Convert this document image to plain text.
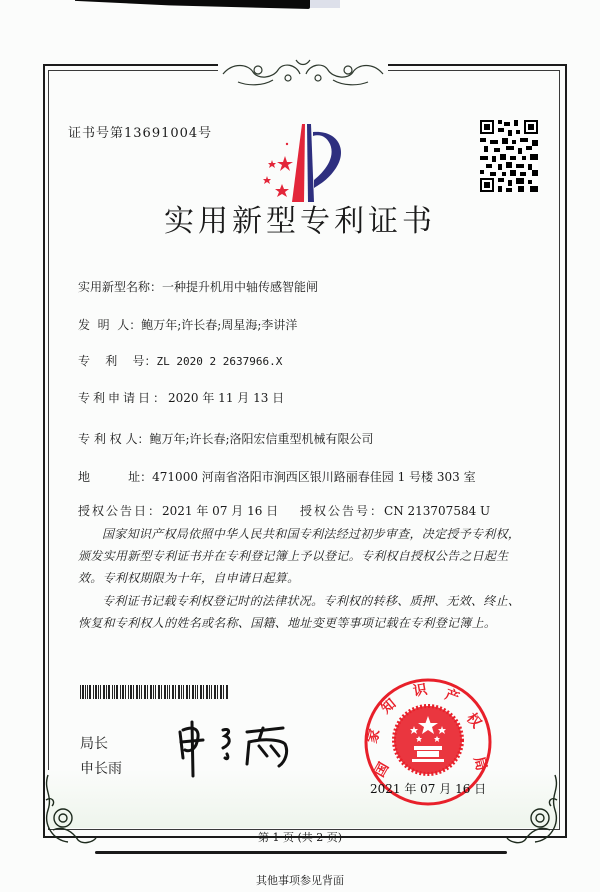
证书号第13691004号
实用新型专利证书
实用新型名称：一种提升机用中轴传感智能闸
发  明  人：鲍万年;许长春;周星海;李讲洋
专    利    号：ZL 2020 2 2637966.X
专利申请日：2020 年 11 月 13 日
专 利 权 人：鲍万年;许长春;洛阳宏信重型机械有限公司
地          址：471000 河南省洛阳市涧西区银川路丽春佳园 1 号楼 303 室
授权公告日：2021 年 07 月 16 日 授权公告号：CN 213707584 U
国家知识产权局依照中华人民共和国专利法经过初步审查，决定授予专利权，颁发实用新型专利证书并在专利登记簿上予以登记。专利权自授权公告之日起生效。专利权期限为十年，自申请日起算。
专利证书记载专利权登记时的法律状况。专利权的转移、质押、无效、终止、恢复和专利权人的姓名或名称、国籍、地址变更等事项记载在专利登记簿上。
局长
申长雨	国
家
知
识 产
权
局
2021 年 07 月 16 日
第 1 页 (共 2 页)
其他事项参见背面
